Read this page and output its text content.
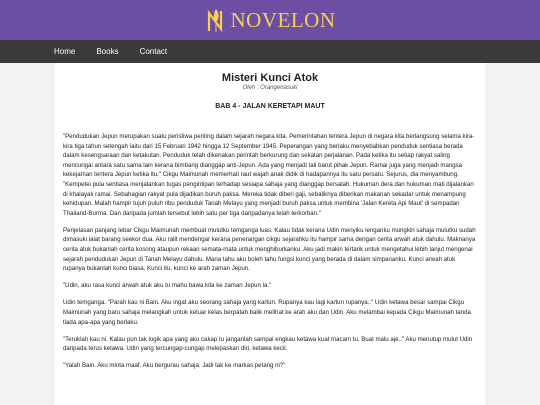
NOVELON
Home	Books	Contact
Misteri Kunci Atok
Oleh : Orangenasuki
BAB 4 - JALAN KERETAPI MAUT

"Pendudukan Jepun merupakan suatu peristiwa penting dalam sejarah negara kita. Pemerintahan tentera Jepun di negara kita berlangsung selama kira-kira tiga tahun setengah iaitu dari 15 Februari 1942 hingga 12 September 1945. Peperangan yang berlaku menyebabkan penduduk sentiasa berada dalam kesengsaraan dan ketakutan. Penduduk telah dikenakan perintah berkurung dan sekatan perjalanan. Pada ketika itu setiap rakyat saling mencurigai antara satu sama lain kerana bimbang dianggap anti-Jepun. Ada yang menjadi tali barut pihak Jepun. Ramai juga yang menjadi mangsa kekejaman tentera Jepun ketika itu." Cikgu Maimunah memerhati raut wajah anak didik di hadapannya itu satu persatu. Sejurus, dia menyambung. "Kempetei pula sentiasa menjalankan tugas pengintipan terhadap sesiapa sahaja yang dianggap bersalah. Hukuman dera dan hukuman mati dijalankan di khalayak ramai. Sebahagian rakyat pula dijadikan buruh paksa. Mereka tidak diberi gaji, sebaliknya diberikan makanan sekadar untuk menampung kehidupan. Malah hampir tujuh puluh ribu penduduk Tanah Melayu yang menjadi buruh paksa untuk membina 'Jalan Kereta Api Maut' di sempadan Thailand-Burma. Dan daripada jumlah tersebut lebih satu per tiga daripadanya telah terkorban."

Penjelasan panjang lebar Cikgu Maimunah membuat mulutku temganga luas. Kalau tidak kerana Udin menyiku lenganku mungkin sahaja mulutku sudah dimasuki lalat barang seekor dua. Aku ralit mendengar kerana penerangan cikgu sejarahku itu hampir sama dengan cerita arwah atuk dahulu. Maknanya cerita atuk bukanlah cerita kosong ataupun rekaan semata-mata untuk menghiburkanku. Aku jadi makin tertarik untuk mengetahui lebih lanjut mengenai sejarah pendudukan Jepun di Tanah Melayu dahulu. Mana tahu aku boleh tahu fungsi kunci yang berada di dalam simpananku. Kunci arwah atuk rupanya bukanlah kunci biasa. Kunci itu, kunci ke arah zaman Jepun.

"Udin, aku rasa kunci arwah atuk aku tu mahu bawa kita ke zaman Jepun la."

Udin temganga. "Parah kau ni Bain. Aku ingat aku seorang sahaja yang kartun. Rupanya kau lagi kartun rupanya.." Udin ketawa besar sampai Cikgu Maimunah yang baru sahaja melangkah untuk keluar kelas berpatah balik melihat ke arah aku dan Udin. Aku melambai kepada Cikgu Maimunah tanda tiada apa-apa yang berlaku.

"Teruklah kau ni. Kalau pun tak logik apa yang aku cakap tu janganlah sampai engkau ketawa kuat macam tu. Buat malu aje.." Aku menutup mulut Udin daripada terus ketawa. Udin yang tercungap-cungap melepaskan diri, ketawa kecil.

"Yalah Bain. Aku minta maaf. Aku bergurau sahaja. Jadi tak ke markas petang ni?"
